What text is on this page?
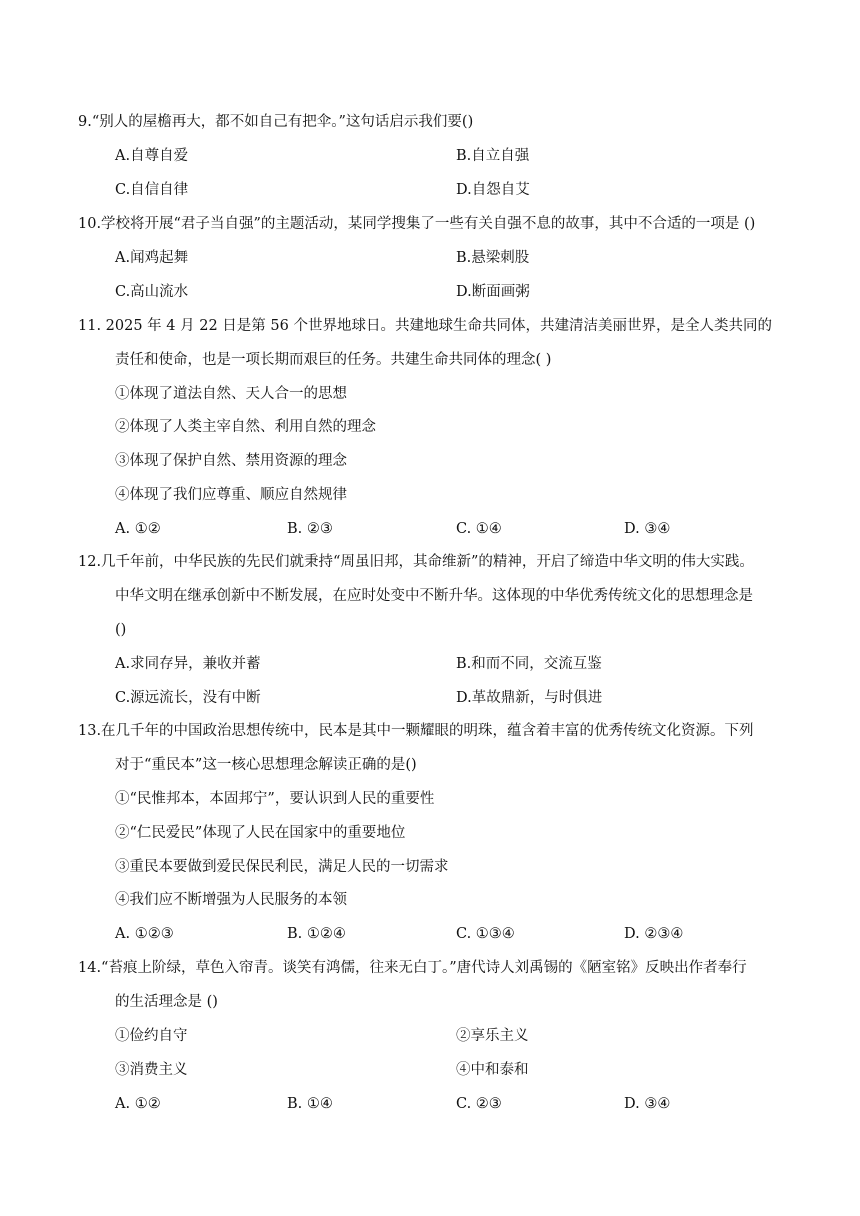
9.“别人的屋檐再大，都不如自己有把伞。”这句话启示我们要()
A.自尊自爱	B.自立自强
C.自信自律	D.自怨自艾
10.学校将开展“君子当自强”的主题活动，某同学搜集了一些有关自强不息的故事，其中不合适的一项是 ()
A.闻鸡起舞	B.悬梁刺股
C.高山流水	D.断面画粥
11. 2025 年 4 月 22 日是第 56 个世界地球日。共建地球生命共同体，共建清洁美丽世界，是全人类共同的
责任和使命，也是一项长期而艰巨的任务。共建生命共同体的理念( )
①体现了道法自然、天人合一的思想
②体现了人类主宰自然、利用自然的理念
③体现了保护自然、禁用资源的理念
④体现了我们应尊重、顺应自然规律
A. ①②	B. ②③	C. ①④	D. ③④
12.几千年前，中华民族的先民们就秉持“周虽旧邦，其命维新”的精神，开启了缔造中华文明的伟大实践。
中华文明在继承创新中不断发展，在应时处变中不断升华。这体现的中华优秀传统文化的思想理念是
()
A.求同存异，兼收并蓄	B.和而不同，交流互鉴
C.源远流长，没有中断	D.革故鼎新，与时俱进
13.在几千年的中国政治思想传统中，民本是其中一颗耀眼的明珠，蕴含着丰富的优秀传统文化资源。下列
对于“重民本”这一核心思想理念解读正确的是()
①“民惟邦本，本固邦宁”，要认识到人民的重要性
②“仁民爱民”体现了人民在国家中的重要地位
③重民本要做到爱民保民利民，满足人民的一切需求
④我们应不断增强为人民服务的本领
A. ①②③	B. ①②④	C. ①③④	D. ②③④
14.“苔痕上阶绿，草色入帘青。谈笑有鸿儒，往来无白丁。”唐代诗人刘禹锡的《陋室铭》反映出作者奉行
的生活理念是 ()
①俭约自守	②享乐主义
③消费主义	④中和泰和
A. ①②	B. ①④	C. ②③	D. ③④
